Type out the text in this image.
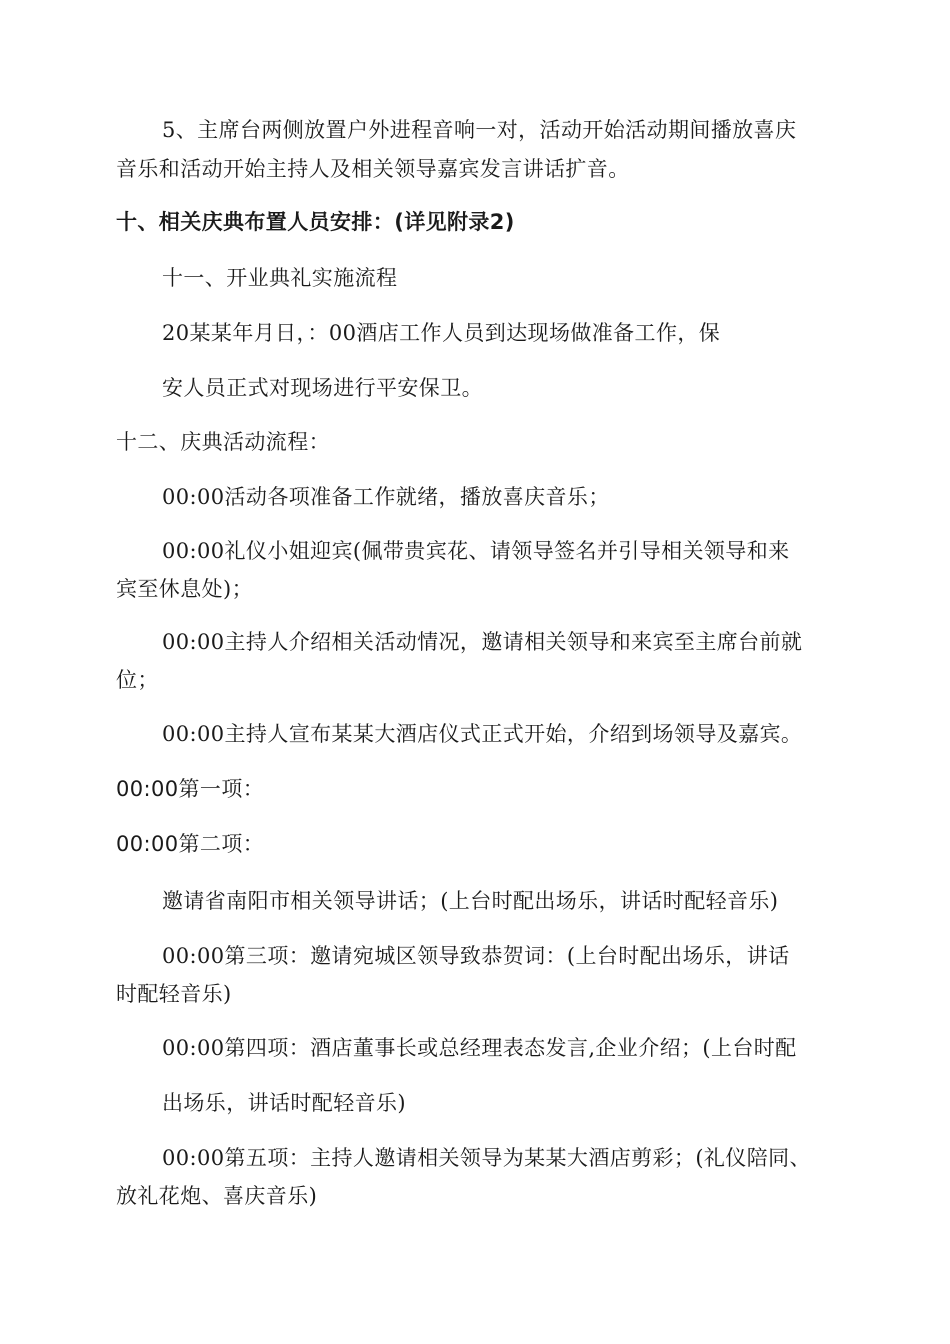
5、主席台两侧放置户外进程音响一对，活动开始活动期间播放喜庆
音乐和活动开始主持人及相关领导嘉宾发言讲话扩音。
十、相关庆典布置人员安排：(详见附录2)
十一、开业典礼实施流程
20某某年月日，：00酒店工作人员到达现场做准备工作，保
安人员正式对现场进行平安保卫。
十二、庆典活动流程：
00:00活动各项准备工作就绪，播放喜庆音乐；
00:00礼仪小姐迎宾(佩带贵宾花、请领导签名并引导相关领导和来
宾至休息处)；
00:00主持人介绍相关活动情况，邀请相关领导和来宾至主席台前就
位；
00:00主持人宣布某某大酒店仪式正式开始，介绍到场领导及嘉宾。
00:00第一项：
00:00第二项：
邀请省南阳市相关领导讲话；(上台时配出场乐，讲话时配轻音乐)
00:00第三项：邀请宛城区领导致恭贺词：(上台时配出场乐，讲话
时配轻音乐)
00:00第四项：酒店董事长或总经理表态发言,企业介绍；(上台时配
出场乐，讲话时配轻音乐)
00:00第五项：主持人邀请相关领导为某某大酒店剪彩；(礼仪陪同、
放礼花炮、喜庆音乐)
